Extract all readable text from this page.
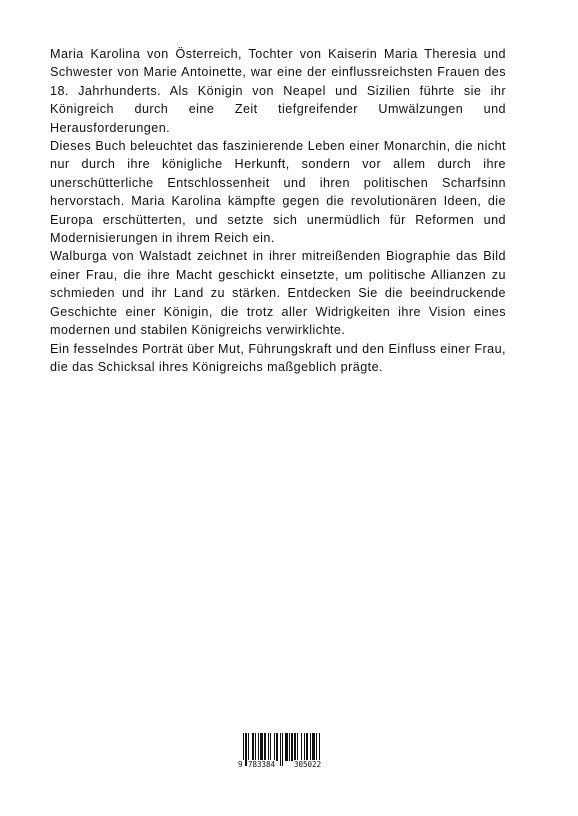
Maria Karolina von Österreich, Tochter von Kaiserin Maria Theresia und Schwester von Marie Antoinette, war eine der einflussreichsten Frauen des 18. Jahrhunderts. Als Königin von Neapel und Sizilien führte sie ihr Königreich durch eine Zeit tiefgreifender Umwälzungen und Herausforderungen.

Dieses Buch beleuchtet das faszinierende Leben einer Monarchin, die nicht nur durch ihre königliche Herkunft, sondern vor allem durch ihre unerschütterliche Entschlossenheit und ihren politischen Scharfsinn hervorstach. Maria Karolina kämpfte gegen die revolutionären Ideen, die Europa erschütterten, und setzte sich unermüdlich für Reformen und Modernisierungen in ihrem Reich ein.

Walburga von Walstadt zeichnet in ihrer mitreißenden Biographie das Bild einer Frau, die ihre Macht geschickt einsetzte, um politische Allianzen zu schmieden und ihr Land zu stärken. Entdecken Sie die beeindruckende Geschichte einer Königin, die trotz aller Widrigkeiten ihre Vision eines modernen und stabilen Königreichs verwirklichte.

Ein fesselndes Porträt über Mut, Führungskraft und den Einfluss einer Frau, die das Schicksal ihres Königreichs maßgeblich prägte.

9 783384	305022
